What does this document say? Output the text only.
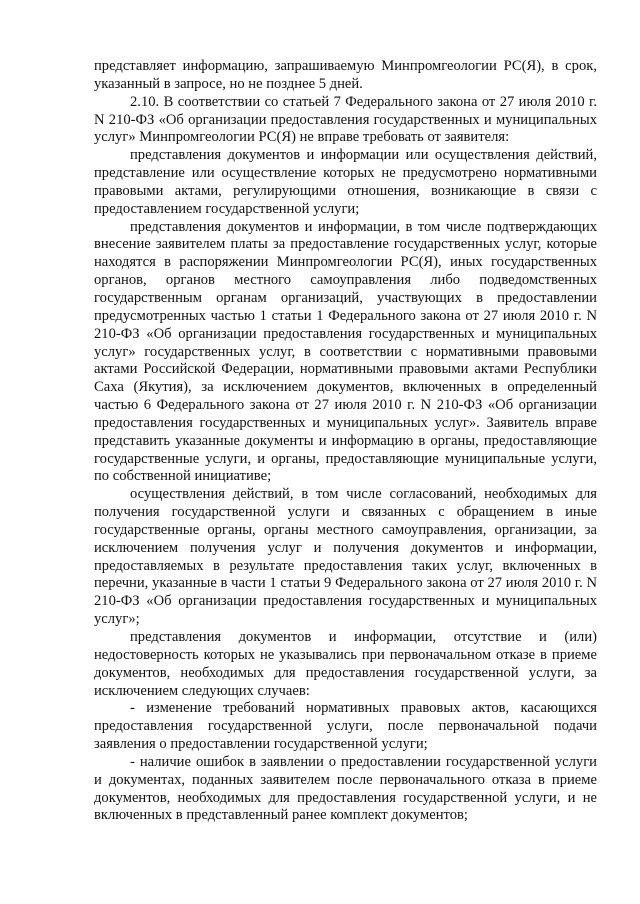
представляет информацию, запрашиваемую Минпромгеологии РС(Я), в срок, указанный в запросе, но не позднее 5 дней.

2.10. В соответствии со статьей 7 Федерального закона от 27 июля 2010 г. N 210-ФЗ «Об организации предоставления государственных и муниципальных услуг» Минпромгеологии РС(Я) не вправе требовать от заявителя:

представления документов и информации или осуществления действий, представление или осуществление которых не предусмотрено нормативными правовыми актами, регулирующими отношения, возникающие в связи с предоставлением государственной услуги;

представления документов и информации, в том числе подтверждающих внесение заявителем платы за предоставление государственных услуг, которые находятся в распоряжении Минпромгеологии РС(Я), иных государственных органов, органов местного самоуправления либо подведомственных государственным органам организаций, участвующих в предоставлении предусмотренных частью 1 статьи 1 Федерального закона от 27 июля 2010 г. N 210-ФЗ «Об организации предоставления государственных и муниципальных услуг» государственных услуг, в соответствии с нормативными правовыми актами Российской Федерации, нормативными правовыми актами Республики Саха (Якутия), за исключением документов, включенных в определенный частью 6 Федерального закона от 27 июля 2010 г. N 210-ФЗ «Об организации предоставления государственных и муниципальных услуг». Заявитель вправе представить указанные документы и информацию в органы, предоставляющие государственные услуги, и органы, предоставляющие муниципальные услуги, по собственной инициативе;

осуществления действий, в том числе согласований, необходимых для получения государственной услуги и связанных с обращением в иные государственные органы, органы местного самоуправления, организации, за исключением получения услуг и получения документов и информации, предоставляемых в результате предоставления таких услуг, включенных в перечни, указанные в части 1 статьи 9 Федерального закона от 27 июля 2010 г. N 210-ФЗ «Об организации предоставления государственных и муниципальных услуг»;

представления документов и информации, отсутствие и (или) недостоверность которых не указывались при первоначальном отказе в приеме документов, необходимых для предоставления государственной услуги, за исключением следующих случаев:

- изменение требований нормативных правовых актов, касающихся предоставления государственной услуги, после первоначальной подачи заявления о предоставлении государственной услуги;

- наличие ошибок в заявлении о предоставлении государственной услуги и документах, поданных заявителем после первоначального отказа в приеме документов, необходимых для предоставления государственной услуги, и не включенных в представленный ранее комплект документов;
